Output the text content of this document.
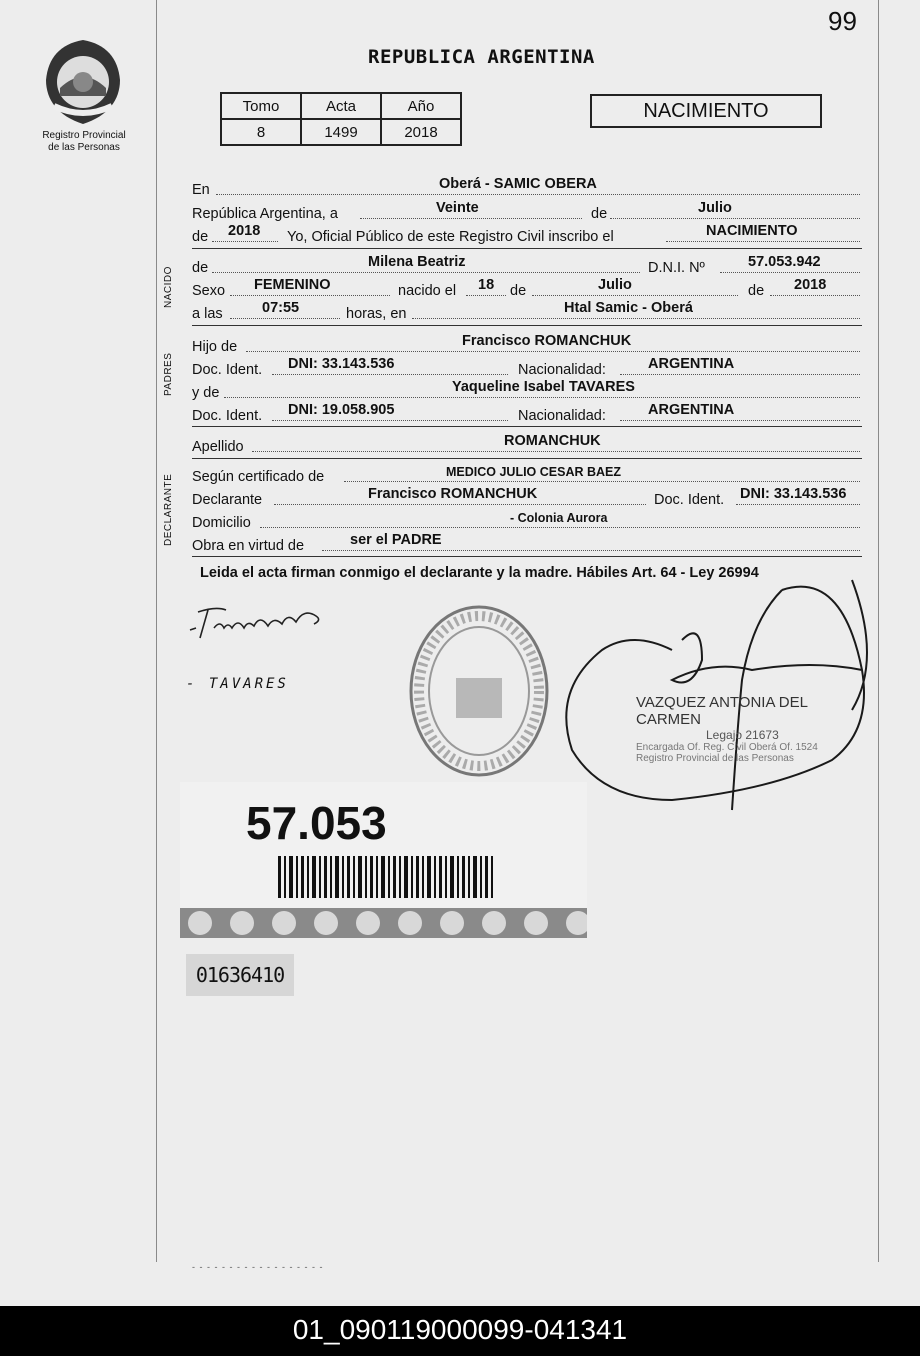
99
Registro Provincial
de las Personas
REPUBLICA ARGENTINA
Tomo	Acta	Año
8	1499	2018
NACIMIENTO
En	Oberá - SAMIC OBERA
República Argentina, a	Veinte	de	Julio
de 2018 Yo, Oficial Público de este Registro Civil inscribo el	NACIMIENTO
NACIDO	de	Milena Beatriz	D.N.I. Nº	57.053.942
Sexo FEMENINO	nacido el 18 de	Julio	de 2018
a las	07:55	horas, en	Htal Samic - Oberá
PADRES
Hijo de	Francisco ROMANCHUK
Doc. Ident. DNI: 33.143.536	Nacionalidad:	ARGENTINA
y de	Yaqueline Isabel TAVARES
Doc. Ident. DNI: 19.058.905	Nacionalidad:	ARGENTINA
Apellido	ROMANCHUK
DECLARANTE	Según certificado de	MEDICO JULIO CESAR BAEZ
Declarante	Francisco ROMANCHUK	Doc. Ident. DNI: 33.143.536
Domicilio	- Colonia Aurora
Obra en virtud de	ser el PADRE
Leida el acta firman conmigo el declarante y la madre. Hábiles Art. 64 - Ley 26994
- TAVARES
VAZQUEZ ANTONIA DEL CARMEN
Legajo 21673
Encargada Of. Reg. Civil Oberá Of. 1524
Registro Provincial de las Personas
57.053
01636410
- - - - - - - - - - - - - - - - - -
01_090119000099-041341
